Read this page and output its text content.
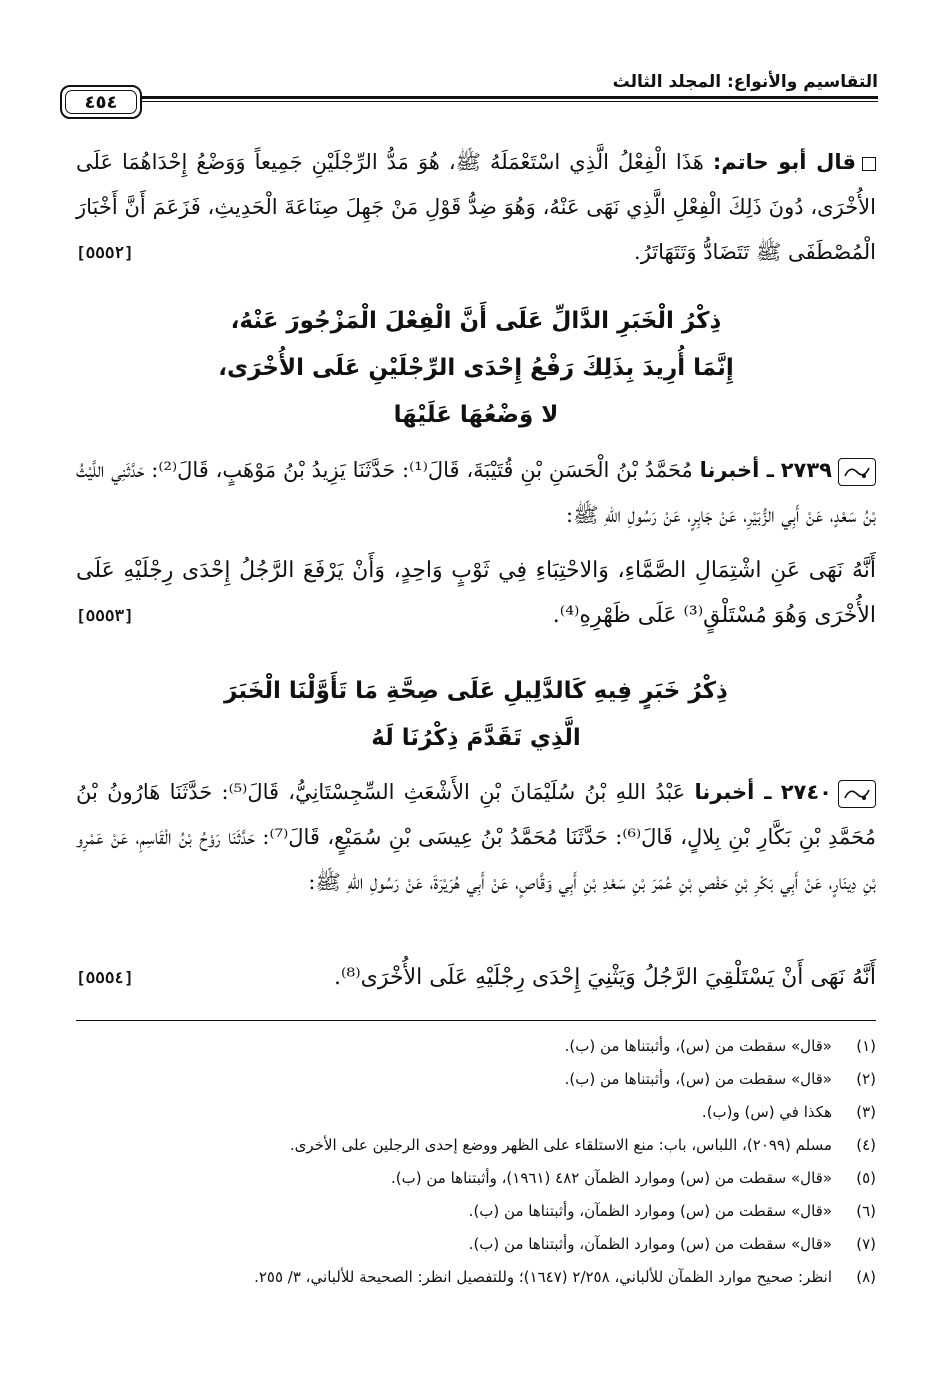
التقاسيم والأنواع: المجلد الثالث
٤٥٤
قال أبو حاتم: هَذَا الْفِعْلُ الَّذِي اسْتَعْمَلَهُ ﷺ، هُوَ مَدُّ الرِّجْلَيْنِ جَمِيعاً وَوَضْعُ إِحْدَاهُمَا عَلَى الأُخْرَى، دُونَ ذَلِكَ الْفِعْلِ الَّذِي نَهَى عَنْهُ، وَهُوَ ضِدُّ قَوْلِ مَنْ جَهِلَ صِنَاعَةَ الْحَدِيثِ، فَزَعَمَ أَنَّ أَخْبَارَ الْمُصْطَفَى ﷺ تَتَضَادُّ وَتَتَهَاتَرُ.
[٥٥٥٢]
ذِكْرُ الْخَبَرِ الدَّالِّ عَلَى أَنَّ الْفِعْلَ الْمَزْجُورَ عَنْهُ،
إِنَّمَا أُرِيدَ بِذَلِكَ رَفْعُ إِحْدَى الرِّجْلَيْنِ عَلَى الأُخْرَى،
لا وَضْعُهَا عَلَيْهَا
٢٧٣٩ ـ أخبرنا مُحَمَّدُ بْنُ الْحَسَنِ بْنِ قُتَيْبَةَ، قَالَ⁽¹⁾: حَدَّثَنَا يَزِيدُ بْنُ مَوْهَبٍ، قَالَ⁽²⁾: حَدَّثَنِي اللَّيْثُ بْنُ سَعْدٍ، عَنْ أَبِي الزُّبَيْرِ، عَنْ جَابِرٍ، عَنْ رَسُولِ اللهِ ﷺ:
أَنَّهُ نَهَى عَنِ اشْتِمَالِ الصَّمَّاءِ، وَالاحْتِبَاءِ فِي ثَوْبٍ وَاحِدٍ، وَأَنْ يَرْفَعَ الرَّجُلُ إِحْدَى رِجْلَيْهِ عَلَى الأُخْرَى وَهُوَ مُسْتَلْقٍ⁽³⁾ عَلَى ظَهْرِهِ⁽⁴⁾.
[٥٥٥٣]
ذِكْرُ خَبَرٍ فِيهِ كَالدَّلِيلِ عَلَى صِحَّةِ مَا تَأَوَّلْنَا الْخَبَرَ
الَّذِي تَقَدَّمَ ذِكْرُنَا لَهُ
٢٧٤٠ ـ أخبرنا عَبْدُ اللهِ بْنُ سُلَيْمَانَ بْنِ الأَشْعَثِ السِّجِسْتَانِيُّ، قَالَ⁽⁵⁾: حَدَّثَنَا هَارُونُ بْنُ مُحَمَّدِ بْنِ بَكَّارِ بْنِ بِلالٍ، قَالَ⁽⁶⁾: حَدَّثَنَا مُحَمَّدُ بْنُ عِيسَى بْنِ سُمَيْعٍ، قَالَ⁽⁷⁾: حَدَّثَنَا رَوْحُ بْنُ الْقَاسِمِ، عَنْ عَمْرِو بْنِ دِينَارٍ، عَنْ أَبِي بَكْرِ بْنِ حَفْصِ بْنِ عُمَرَ بْنِ سَعْدِ بْنِ أَبِي وَقَّاصٍ، عَنْ أَبِي هُرَيْرَةَ، عَنْ رَسُولِ اللهِ ﷺ:
أَنَّهُ نَهَى أَنْ يَسْتَلْقِيَ الرَّجُلُ وَيَثْنِيَ إِحْدَى رِجْلَيْهِ عَلَى الأُخْرَى⁽⁸⁾.
[٥٥٥٤]
(١)
«قال» سقطت من (س)، وأثبتناها من (ب).
(٢)
«قال» سقطت من (س)، وأثبتناها من (ب).
(٣)
هكذا في (س) و(ب).
(٤)
مسلم (٢٠٩٩)، اللباس، باب: منع الاستلقاء على الظهر ووضع إحدى الرجلين على الأخرى.
(٥)
«قال» سقطت من (س) وموارد الظمآن ٤٨٢ (١٩٦١)، وأثبتناها من (ب).
(٦)
«قال» سقطت من (س) وموارد الظمآن، وأثبتناها من (ب).
(٧)
«قال» سقطت من (س) وموارد الظمآن، وأثبتناها من (ب).
(٨)
انظر: صحيح موارد الظمآن للألباني، ٢/٢٥٨ (١٦٤٧)؛ وللتفصيل انظر: الصحيحة للألباني، ٣/ ٢٥٥.
